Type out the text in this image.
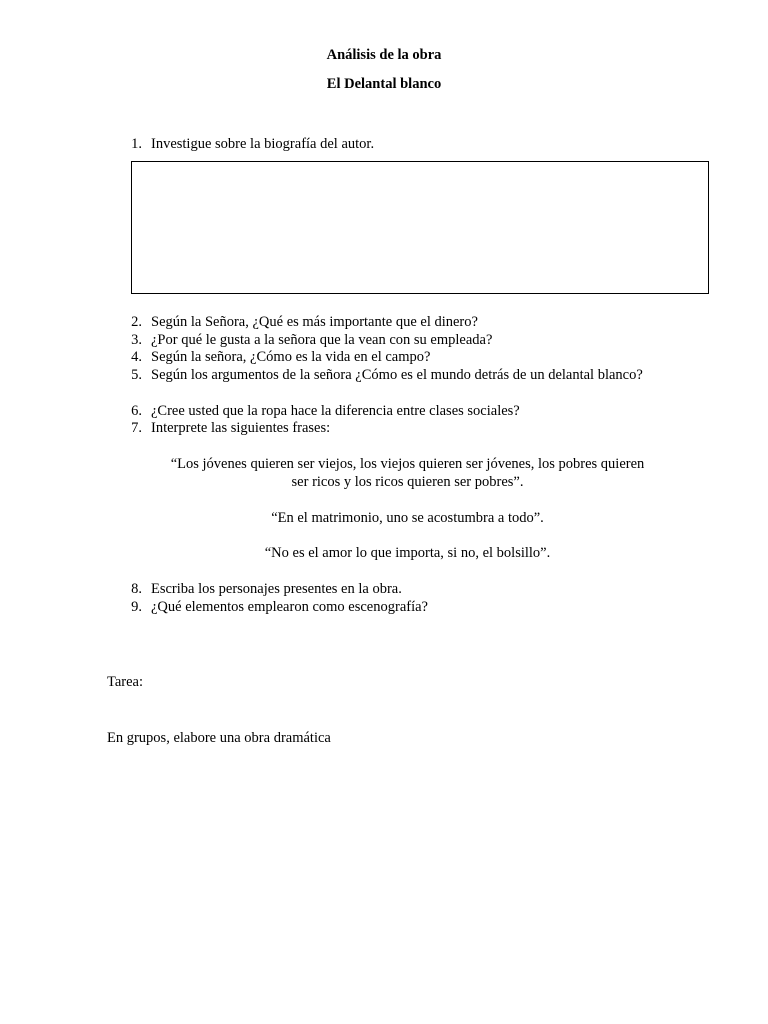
Análisis de la obra
El Delantal blanco
1. Investigue sobre la biografía del autor.
2. Según la Señora, ¿Qué es más importante que el dinero?
3. ¿Por qué le gusta a la señora que la vean con su empleada?
4. Según la señora, ¿Cómo es la vida en el campo?
5. Según los argumentos de la señora ¿Cómo es el mundo detrás de un delantal blanco?
6. ¿Cree usted que la ropa hace la diferencia entre clases sociales?
7. Interprete las siguientes frases:
“Los jóvenes quieren ser viejos, los viejos quieren ser jóvenes, los pobres quieren
ser ricos y los ricos quieren ser pobres”.
“En el matrimonio, uno se acostumbra a todo”.
“No es el amor lo que importa, si no, el bolsillo”.
8. Escriba los personajes presentes en la obra.
9. ¿Qué elementos emplearon como escenografía?
Tarea:
En grupos, elabore una obra dramática
